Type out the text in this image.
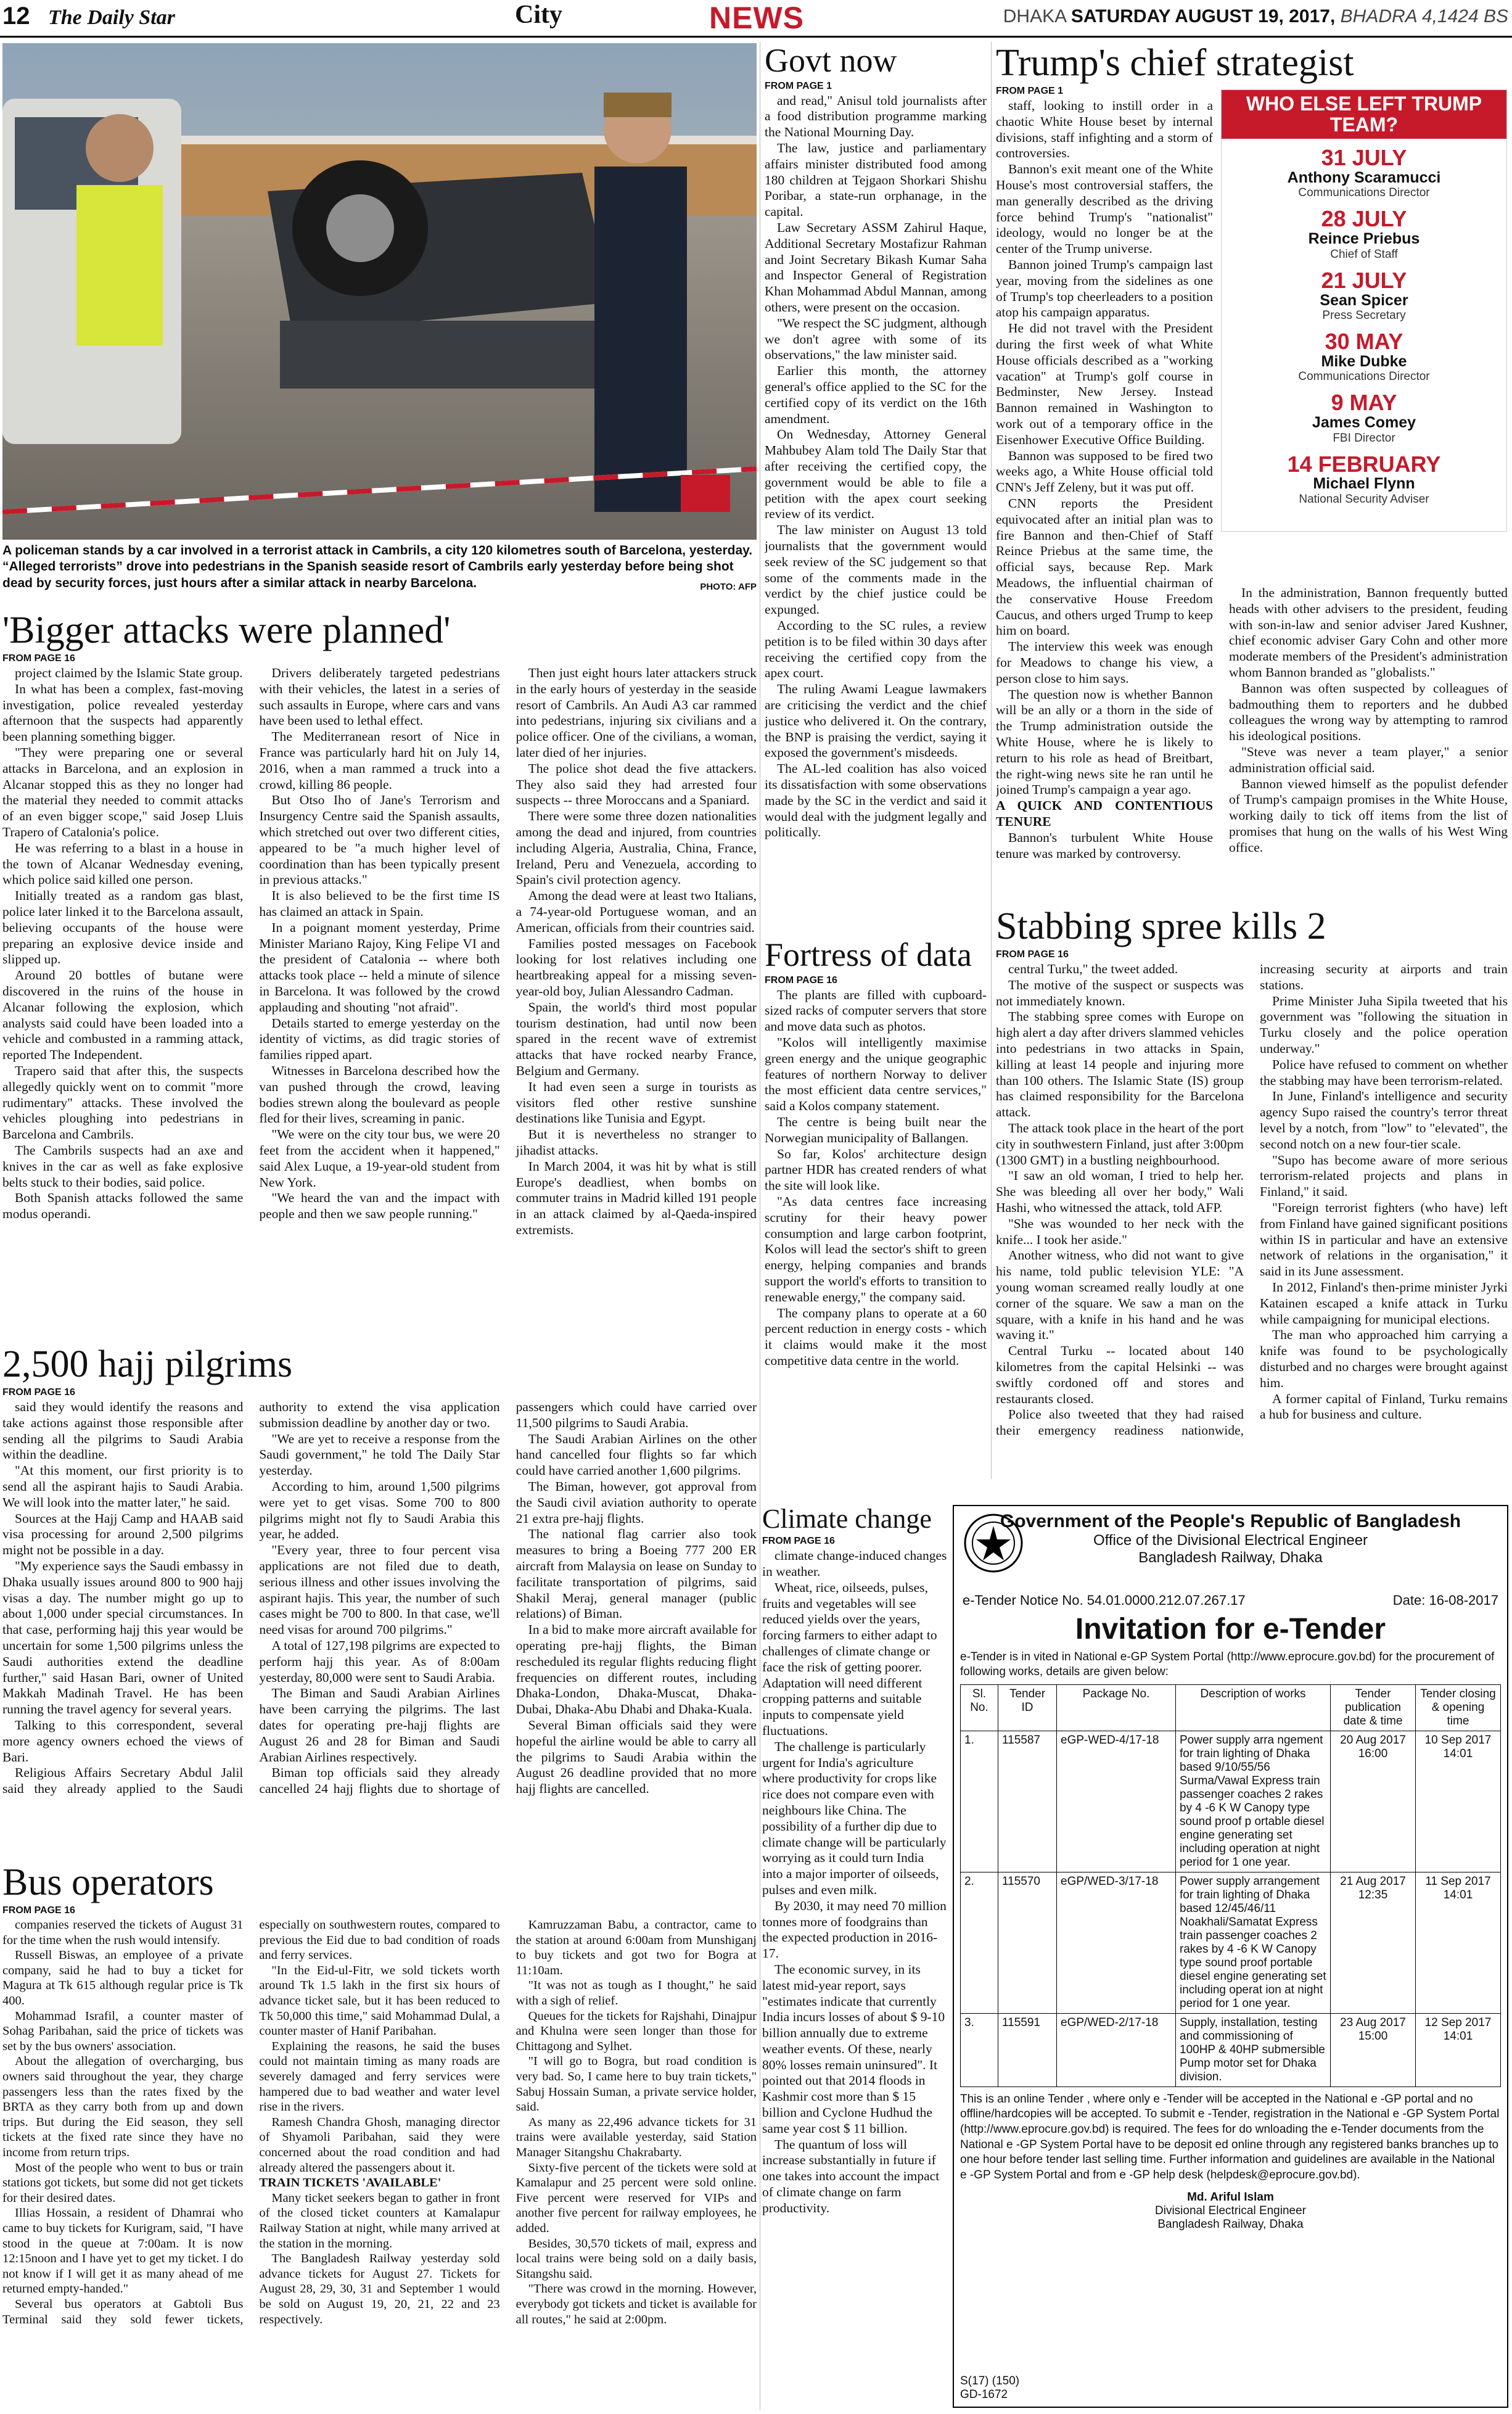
12 The Daily Star	City	NEWS	DHAKA SATURDAY AUGUST 19, 2017, BHADRA 4,1424 BS
A policeman stands by a car involved in a terrorist attack in Cambrils, a city 120 kilometres south of Barcelona, yesterday. “Alleged terrorists” drove into pedestrians in the Spanish seaside resort of Cambrils early yesterday before being shot dead by security forces, just hours after a similar attack in nearby Barcelona.	PHOTO: AFP
'Bigger attacks were planned'
FROM PAGE 16

project claimed by the Islamic State group.

In what has been a complex, fast-moving investigation, police revealed yesterday afternoon that the suspects had apparently been planning something bigger.

"They were preparing one or several attacks in Barcelona, and an explosion in Alcanar stopped this as they no longer had the material they needed to commit attacks of an even bigger scope," said Josep Lluis Trapero of Catalonia's police.

He was referring to a blast in a house in the town of Alcanar Wednesday evening, which police said killed one person.

Initially treated as a random gas blast, police later linked it to the Barcelona assault, believing occupants of the house were preparing an explosive device inside and slipped up.

Around 20 bottles of butane were discovered in the ruins of the house in Alcanar following the explosion, which analysts said could have been loaded into a vehicle and combusted in a ramming attack, reported The Independent.

Trapero said that after this, the suspects allegedly quickly went on to commit "more rudimentary" attacks. These involved the vehicles ploughing into pedestrians in Barcelona and Cambrils.

The Cambrils suspects had an axe and knives in the car as well as fake explosive belts stuck to their bodies, said police.

Both Spanish attacks followed the same modus operandi.

Drivers deliberately targeted pedestrians with their vehicles, the latest in a series of such assaults in Europe, where cars and vans have been used to lethal effect.

The Mediterranean resort of Nice in France was particularly hard hit on July 14, 2016, when a man rammed a truck into a crowd, killing 86 people.

But Otso Iho of Jane's Terrorism and Insurgency Centre said the Spanish assaults, which stretched out over two different cities, appeared to be "a much higher level of coordination than has been typically present in previous attacks."

It is also believed to be the first time IS has claimed an attack in Spain.

In a poignant moment yesterday, Prime Minister Mariano Rajoy, King Felipe VI and the president of Catalonia -- where both attacks took place -- held a minute of silence in Barcelona. It was followed by the crowd applauding and shouting "not afraid".

Details started to emerge yesterday on the identity of victims, as did tragic stories of families ripped apart.

Witnesses in Barcelona described how the van pushed through the crowd, leaving bodies strewn along the boulevard as people fled for their lives, screaming in panic.

"We were on the city tour bus, we were 20 feet from the accident when it happened," said Alex Luque, a 19-year-old student from New York.

"We heard the van and the impact with people and then we saw people running."

Then just eight hours later attackers struck in the early hours of yesterday in the seaside resort of Cambrils. An Audi A3 car rammed into pedestrians, injuring six civilians and a police officer. One of the civilians, a woman, later died of her injuries.

The police shot dead the five attackers. They also said they had arrested four suspects -- three Moroccans and a Spaniard.

There were some three dozen nationalities among the dead and injured, from countries including Algeria, Australia, China, France, Ireland, Peru and Venezuela, according to Spain's civil protection agency.

Among the dead were at least two Italians, a 74-year-old Portuguese woman, and an American, officials from their countries said.

Families posted messages on Facebook looking for lost relatives including one heartbreaking appeal for a missing seven-year-old boy, Julian Alessandro Cadman.

Spain, the world's third most popular tourism destination, had until now been spared in the recent wave of extremist attacks that have rocked nearby France, Belgium and Germany.

It had even seen a surge in tourists as visitors fled other restive sunshine destinations like Tunisia and Egypt.

But it is nevertheless no stranger to jihadist attacks.

In March 2004, it was hit by what is still Europe's deadliest, when bombs on commuter trains in Madrid killed 191 people in an attack claimed by al-Qaeda-inspired extremists.

2,500 hajj pilgrims
FROM PAGE 16

said they would identify the reasons and take actions against those responsible after sending all the pilgrims to Saudi Arabia within the deadline.

"At this moment, our first priority is to send all the aspirant hajis to Saudi Arabia. We will look into the matter later," he said.

Sources at the Hajj Camp and HAAB said visa processing for around 2,500 pilgrims might not be possible in a day.

"My experience says the Saudi embassy in Dhaka usually issues around 800 to 900 hajj visas a day. The number might go up to about 1,000 under special circumstances. In that case, performing hajj this year would be uncertain for some 1,500 pilgrims unless the Saudi authorities extend the deadline further," said Hasan Bari, owner of United Makkah Madinah Travel. He has been running the travel agency for several years.

Talking to this correspondent, several more agency owners echoed the views of Bari.

Religious Affairs Secretary Abdul Jalil said they already applied to the Saudi authority to extend the visa application submission deadline by another day or two.

"We are yet to receive a response from the Saudi government," he told The Daily Star yesterday.

According to him, around 1,500 pilgrims were yet to get visas. Some 700 to 800 pilgrims might not fly to Saudi Arabia this year, he added.

"Every year, three to four percent visa applications are not filed due to death, serious illness and other issues involving the aspirant hajis. This year, the number of such cases might be 700 to 800. In that case, we'll need visas for around 700 pilgrims."

A total of 127,198 pilgrims are expected to perform hajj this year. As of 8:00am yesterday, 80,000 were sent to Saudi Arabia.

The Biman and Saudi Arabian Airlines have been carrying the pilgrims. The last dates for operating pre-hajj flights are August 26 and 28 for Biman and Saudi Arabian Airlines respectively.

Biman top officials said they already cancelled 24 hajj flights due to shortage of passengers which could have carried over 11,500 pilgrims to Saudi Arabia.

The Saudi Arabian Airlines on the other hand cancelled four flights so far which could have carried another 1,600 pilgrims.

The Biman, however, got approval from the Saudi civil aviation authority to operate 21 extra pre-hajj flights.

The national flag carrier also took measures to bring a Boeing 777 200 ER aircraft from Malaysia on lease on Sunday to facilitate transportation of pilgrims, said Shakil Meraj, general manager (public relations) of Biman.

In a bid to make more aircraft available for operating pre-hajj flights, the Biman rescheduled its regular flights reducing flight frequencies on different routes, including Dhaka-London, Dhaka-Muscat, Dhaka-Dubai, Dhaka-Abu Dhabi and Dhaka-Kuala.

Several Biman officials said they were hopeful the airline would be able to carry all the pilgrims to Saudi Arabia within the August 26 deadline provided that no more hajj flights are cancelled.

Bus operators
FROM PAGE 16

companies reserved the tickets of August 31 for the time when the rush would intensify.

Russell Biswas, an employee of a private company, said he had to buy a ticket for Magura at Tk 615 although regular price is Tk 400.

Mohammad Israfil, a counter master of Sohag Paribahan, said the price of tickets was set by the bus owners' association.

About the allegation of overcharging, bus owners said throughout the year, they charge passengers less than the rates fixed by the BRTA as they carry both from up and down trips. But during the Eid season, they sell tickets at the fixed rate since they have no income from return trips.

Most of the people who went to bus or train stations got tickets, but some did not get tickets for their desired dates.

Illias Hossain, a resident of Dhamrai who came to buy tickets for Kurigram, said, "I have stood in the queue at 7:00am. It is now 12:15noon and I have yet to get my ticket. I do not know if I will get it as many ahead of me returned empty-handed."

Several bus operators at Gabtoli Bus Terminal said they sold fewer tickets, especially on southwestern routes, compared to previous the Eid due to bad condition of roads and ferry services.

"In the Eid-ul-Fitr, we sold tickets worth around Tk 1.5 lakh in the first six hours of advance ticket sale, but it has been reduced to Tk 50,000 this time," said Mohammad Dulal, a counter master of Hanif Paribahan.

Explaining the reasons, he said the buses could not maintain timing as many roads are severely damaged and ferry services were hampered due to bad weather and water level rise in the rivers.

Ramesh Chandra Ghosh, managing director of Shyamoli Paribahan, said they were concerned about the road condition and had already altered the passengers about it.

TRAIN TICKETS 'AVAILABLE'

Many ticket seekers began to gather in front of the closed ticket counters at Kamalapur Railway Station at night, while many arrived at the station in the morning.

The Bangladesh Railway yesterday sold advance tickets for August 27. Tickets for August 28, 29, 30, 31 and September 1 would be sold on August 19, 20, 21, 22 and 23 respectively.

Kamruzzaman Babu, a contractor, came to the station at around 6:00am from Munshiganj to buy tickets and got two for Bogra at 11:10am.

"It was not as tough as I thought," he said with a sigh of relief.

Queues for the tickets for Rajshahi, Dinajpur and Khulna were seen longer than those for Chittagong and Sylhet.

"I will go to Bogra, but road condition is very bad. So, I came here to buy train tickets," Sabuj Hossain Suman, a private service holder, said.

As many as 22,496 advance tickets for 31 trains were available yesterday, said Station Manager Sitangshu Chakrabarty.

Sixty-five percent of the tickets were sold at Kamalapur and 25 percent were sold online. Five percent were reserved for VIPs and another five percent for railway employees, he added.

Besides, 30,570 tickets of mail, express and local trains were being sold on a daily basis, Sitangshu said.

"There was crowd in the morning. However, everybody got tickets and ticket is available for all routes," he said at 2:00pm.

Govt now
FROM PAGE 1

and read," Anisul told journalists after a food distribution programme marking the National Mourning Day.

The law, justice and parliamentary affairs minister distributed food among 180 children at Tejgaon Shorkari Shishu Poribar, a state-run orphanage, in the capital.

Law Secretary ASSM Zahirul Haque, Additional Secretary Mostafizur Rahman and Joint Secretary Bikash Kumar Saha and Inspector General of Registration Khan Mohammad Abdul Mannan, among others, were present on the occasion.

"We respect the SC judgment, although we don't agree with some of its observations," the law minister said.

Earlier this month, the attorney general's office applied to the SC for the certified copy of its verdict on the 16th amendment.

On Wednesday, Attorney General Mahbubey Alam told The Daily Star that after receiving the certified copy, the government would be able to file a petition with the apex court seeking review of its verdict.

The law minister on August 13 told journalists that the government would seek review of the SC judgement so that some of the comments made in the verdict by the chief justice could be expunged.

According to the SC rules, a review petition is to be filed within 30 days after receiving the certified copy from the apex court.

The ruling Awami League lawmakers are criticising the verdict and the chief justice who delivered it. On the contrary, the BNP is praising the verdict, saying it exposed the government's misdeeds.

The AL-led coalition has also voiced its dissatisfaction with some observations made by the SC in the verdict and said it would deal with the judgment legally and politically.

Fortress of data
FROM PAGE 16

The plants are filled with cupboard-sized racks of computer servers that store and move data such as photos.

"Kolos will intelligently maximise green energy and the unique geographic features of northern Norway to deliver the most efficient data centre services," said a Kolos company statement.

The centre is being built near the Norwegian municipality of Ballangen.

So far, Kolos' architecture design partner HDR has created renders of what the site will look like.

"As data centres face increasing scrutiny for their heavy power consumption and large carbon footprint, Kolos will lead the sector's shift to green energy, helping companies and brands support the world's efforts to transition to renewable energy," the company said.

The company plans to operate at a 60 percent reduction in energy costs - which it claims would make it the most competitive data centre in the world.

Climate change
FROM PAGE 16

climate change-induced changes in weather.

Wheat, rice, oilseeds, pulses, fruits and vegetables will see reduced yields over the years, forcing farmers to either adapt to challenges of climate change or face the risk of getting poorer. Adaptation will need different cropping patterns and suitable inputs to compensate yield fluctuations.

The challenge is particularly urgent for India's agriculture where productivity for crops like rice does not compare even with neighbours like China. The possibility of a further dip due to climate change will be particularly worrying as it could turn India into a major importer of oilseeds, pulses and even milk.

By 2030, it may need 70 million tonnes more of foodgrains than the expected production in 2016-17.

The economic survey, in its latest mid-year report, says "estimates indicate that currently India incurs losses of about $ 9-10 billion annually due to extreme weather events. Of these, nearly 80% losses remain uninsured". It pointed out that 2014 floods in Kashmir cost more than $ 15 billion and Cyclone Hudhud the same year cost $ 11 billion.

The quantum of loss will increase substantially in future if one takes into account the impact of climate change on farm productivity.

Trump's chief strategist
FROM PAGE 1

staff, looking to instill order in a chaotic White House beset by internal divisions, staff infighting and a storm of controversies.

Bannon's exit meant one of the White House's most controversial staffers, the man generally described as the driving force behind Trump's "nationalist" ideology, would no longer be at the center of the Trump universe.

Bannon joined Trump's campaign last year, moving from the sidelines as one of Trump's top cheerleaders to a position atop his campaign apparatus.

He did not travel with the President during the first week of what White House officials described as a "working vacation" at Trump's golf course in Bedminster, New Jersey. Instead Bannon remained in Washington to work out of a temporary office in the Eisenhower Executive Office Building.

Bannon was supposed to be fired two weeks ago, a White House official told CNN's Jeff Zeleny, but it was put off.

CNN reports the President equivocated after an initial plan was to fire Bannon and then-Chief of Staff Reince Priebus at the same time, the official says, because Rep. Mark Meadows, the influential chairman of the conservative House Freedom Caucus, and others urged Trump to keep him on board.

The interview this week was enough for Meadows to change his view, a person close to him says.

The question now is whether Bannon will be an ally or a thorn in the side of the Trump administration outside the White House, where he is likely to return to his role as head of Breitbart, the right-wing news site he ran until he joined Trump's campaign a year ago.

A QUICK AND CONTENTIOUS TENURE

Bannon's turbulent White House tenure was marked by controversy.

In the administration, Bannon frequently butted heads with other advisers to the president, feuding with son-in-law and senior adviser Jared Kushner, chief economic adviser Gary Cohn and other more moderate members of the President's administration whom Bannon branded as "globalists."

Bannon was often suspected by colleagues of badmouthing them to reporters and he dubbed colleagues the wrong way by attempting to ramrod his ideological positions.

"Steve was never a team player," a senior administration official said.

Bannon viewed himself as the populist defender of Trump's campaign promises in the White House, working daily to tick off items from the list of promises that hung on the walls of his West Wing office.

WHO ELSE LEFT TRUMP TEAM?
31 JULY
Anthony Scaramucci
Communications Director
28 JULY
Reince Priebus
Chief of Staff
21 JULY
Sean Spicer
Press Secretary
30 MAY
Mike Dubke
Communications Director
9 MAY
James Comey
FBI Director
14 FEBRUARY
Michael Flynn
National Security Adviser
Stabbing spree kills 2
FROM PAGE 16

central Turku," the tweet added.

The motive of the suspect or suspects was not immediately known.

The stabbing spree comes with Europe on high alert a day after drivers slammed vehicles into pedestrians in two attacks in Spain, killing at least 14 people and injuring more than 100 others. The Islamic State (IS) group has claimed responsibility for the Barcelona attack.

The attack took place in the heart of the port city in southwestern Finland, just after 3:00pm (1300 GMT) in a bustling neighbourhood.

"I saw an old woman, I tried to help her. She was bleeding all over her body," Wali Hashi, who witnessed the attack, told AFP.

"She was wounded to her neck with the knife... I took her aside."

Another witness, who did not want to give his name, told public television YLE: "A young woman screamed really loudly at one corner of the square. We saw a man on the square, with a knife in his hand and he was waving it."

Central Turku -- located about 140 kilometres from the capital Helsinki -- was swiftly cordoned off and stores and restaurants closed.

Police also tweeted that they had raised their emergency readiness nationwide, increasing security at airports and train stations.

Prime Minister Juha Sipila tweeted that his government was "following the situation in Turku closely and the police operation underway."

Police have refused to comment on whether the stabbing may have been terrorism-related.

In June, Finland's intelligence and security agency Supo raised the country's terror threat level by a notch, from "low" to "elevated", the second notch on a new four-tier scale.

"Supo has become aware of more serious terrorism-related projects and plans in Finland," it said.

"Foreign terrorist fighters (who have) left from Finland have gained significant positions within IS in particular and have an extensive network of relations in the organisation," it said in its June assessment.

In 2012, Finland's then-prime minister Jyrki Katainen escaped a knife attack in Turku while campaigning for municipal elections.

The man who approached him carrying a knife was found to be psychologically disturbed and no charges were brought against him.

A former capital of Finland, Turku remains a hub for business and culture.

Government of the People's Republic of Bangladesh
Office of the Divisional Electrical Engineer
Bangladesh Railway, Dhaka
e-Tender Notice No. 54.01.0000.212.07.267.17	Date: 16-08-2017
Invitation for e-Tender
e-Tender is in vited in National e-GP System Portal (http://www.eprocure.gov.bd) for the procurement of following works, details are given below:
Sl. No.	Tender ID	Package No.	Description of works	Tender publication date & time	Tender closing & opening time
1.	115587	eGP-WED-4/17-18	Power supply arra ngement for train lighting of Dhaka based 9/10/55/56 Surma/Vawal Express train passenger coaches 2 rakes by 4 -6 K W Canopy type sound proof p ortable diesel engine generating set including operation at night period for 1 one year.	20 Aug 2017 16:00	10 Sep 2017 14:01
2.	115570	eGP/WED-3/17-18	Power supply arrangement for train lighting of Dhaka based 12/45/46/11 Noakhali/Samatat Express train passenger coaches 2 rakes by 4 -6 K W Canopy type sound proof portable diesel engine generating set including operat ion at night period for 1 one year.	21 Aug 2017 12:35	11 Sep 2017 14:01
3.	115591	eGP/WED-2/17-18	Supply, installation, testing and commissioning of 100HP & 40HP submersible Pump motor set for Dhaka division.	23 Aug 2017 15:00	12 Sep 2017 14:01
This is an online Tender , where only e -Tender will be accepted in the National e -GP portal and no offline/hardcopies will be accepted. To submit e -Tender, registration in the National e -GP System Portal (http://www.eprocure.gov.bd) is required. The fees for do wnloading the e-Tender documents from the National e -GP System Portal have to be deposit ed online through any registered banks branches up to one hour before tender last selling time. Further information and guidelines are available in the National e -GP System Portal and from e -GP help desk (helpdesk@eprocure.gov.bd).
Md. Ariful Islam
Divisional Electrical Engineer
Bangladesh Railway, Dhaka
S(17) (150)
GD-1672
